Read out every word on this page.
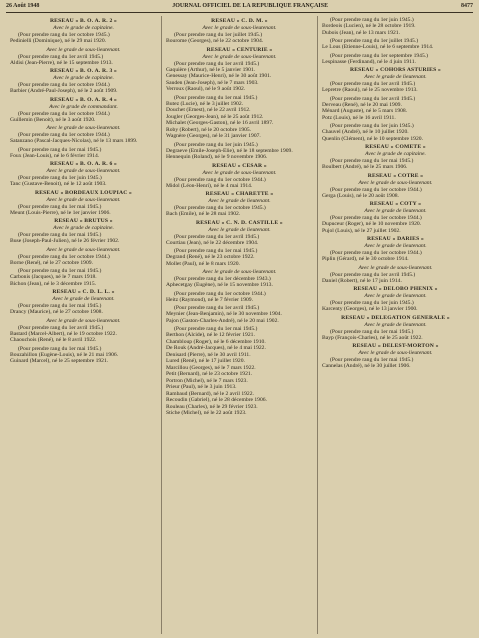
26 Août 1948	JOURNAL OFFICIEL DE LA REPUBLIQUE FRANÇAISE	8477

RESEAU « B. O. A. R. 2 »

Avec le grade de capitaine.

(Pour prendre rang du 1er octobre 1945.)

Pedinielli (Dominique), né le 29 mai 1920.

Avec le grade de sous-lieutenant.

(Pour prendre rang du 1er avril 1945.)

Aldisi (Jean-Pierre), né le 15 septembre 1913.

RESEAU « B. O. A. R. 3 »

Avec le grade de capitaine.

(Pour prendre rang du 1er octobre 1944.)

Barbier (André-Paul-Joseph), né le 2 août 1909.

RESEAU « B. O. A. R. 4 »

Avec le grade de commandant.

(Pour prendre rang du 1er octobre 1944.)

Guillemin (Benoit), né le 3 août 1920.

Avec le grade de sous-lieutenant.

(Pour prendre rang du 1er octobre 1944.)

Satanzano (Pascal-Jacques-Nicolas), né le 13 mars 1899.

(Pour prendre rang du 1er mai 1945.)

Foux (Jean-Louis), né le 6 février 1914.

RESEAU « B. O. A. R. 6 »

Avec le grade de sous-lieutenant.

(Pour prendre rang du 1er juin 1945.)

Tanc (Gustave-Benoit), né le 12 août 1903.

RESEAU « BORDEAUX LOUPIAC »

Avec le grade de sous-lieutenant.

(Pour prendre rang du 1er mai 1945.)

Meunt (Louis-Pierre), né le 1er janvier 1906.

RESEAU « BRUTUS »

Avec le grade de capitaine.

(Pour prendre rang du 1er mai 1945.)

Buse (Joseph-Paul-Julien), né le 26 février 1902.

Avec le grade de sous-lieutenant.

(Pour prendre rang du 1er octobre 1944.)

Borne (René), né le 27 octobre 1909.

(Pour prendre rang du 1er mai 1945.)

Carbonis (Jacques), né le 7 mars 1918.

Bichon (Jean), né le 3 décembre 1915.

RESEAU « C. D. L. L. »

Avec le grade de lieutenant.

(Pour prendre rang du 1er mai 1945.)

Drancy (Maurice), né le 27 octobre 1908.

Avec le grade de sous-lieutenant.

(Pour prendre rang du 1er avril 1945.)

Bastard (Marcel-Albert), né le 19 octobre 1922.

Chaouchois (René), né le 8 avril 1922.

(Pour prendre rang du 1er mai 1945.)

Bouzahillon (Eugène-Louis), né le 21 mai 1906.

Guinard (Marcel), né le 25 septembre 1921.

RESEAU « C. D. M. »

Avec le grade de sous-lieutenant.

(Pour prendre rang du 1er juillet 1945.)

Bourome (Georges), né le 22 octobre 1904.

RESEAU « CENTURIE »

Avec le grade de sous-lieutenant.

(Pour prendre rang du 1er avril 1945.)

Gaquière (Arthur), né le 5 janvier 1901.

Genessay (Maurice-Henri), né le 30 août 1901.

Sauden (Jean-Joseph), né le 7 mars 1903.

Verroux (Raoul), né le 9 août 1902.

(Pour prendre rang du 1er mai 1945.)

Butez (Lucie), né le 3 juillet 1902.

Douchet (Ernest), né le 22 avril 1912.

Jougler (Georges-Jean), né le 25 août 1912.

Michalet (Georges-Gaston), né le 16 avril 1897.

Roby (Robert), né le 20 octobre 1905.

Wagnère (Georges), né le 31 janvier 1907.

(Pour prendre rang du 1er juin 1945.)

Degraeve (Emile-Joseph-Elie), né le 18 septembre 1909.

Hennequin (Roland), né le 9 novembre 1906.

RESEAU « CESAR »

Avec le grade de sous-lieutenant.

(Pour prendre rang du 1er octobre 1944.)

Midol (Léon-Henri), né le 4 mai 1914.

RESEAU « CHARETTE »

Avec le grade de lieutenant.

(Pour prendre rang du 1er octobre 1945.)

Bach (Emile), né le 28 mai 1902.

RESEAU « C. N. D. CASTILLE »

Avec le grade de lieutenant.

(Pour prendre rang du 1er avril 1945.)

Courtiau (Jean), né le 22 décembre 1904.

(Pour prendre rang du 1er mai 1945.)

Degrand (René), né le 23 octobre 1922.

Mollet (Paul), né le 8 mars 1920.

Avec le grade de sous-lieutenant.

(Pour prendre rang du 1er décembre 1943.)

Aphecetgay (Eugène), né le 15 novembre 1913.

(Pour prendre rang du 1er octobre 1944.)

Heitz (Raymond), né le 7 février 1909.

(Pour prendre rang du 1er avril 1945.)

Meynier (Jean-Benjamin), né le 30 novembre 1904.

Pajon (Gaston-Charles-André), né le 20 mai 1902.

(Pour prendre rang du 1er mai 1945.)

Berthon (Alcide), né le 12 février 1921.

Chambloup (Roger), né le 6 décembre 1910.

De Rouk (André-Jacques), né le 4 mai 1922.

Denisard (Pierre), né le 30 avril 1911.

Lured (René), né le 17 juillet 1920.

Marcillou (Georges), né le 7 mars 1922.

Petit (Bernard), né le 23 octobre 1921.

Portron (Michel), né le 7 mars 1923.

Prieur (Paul), né le 3 juin 1913.

Rambaud (Bernard), né le 2 avril 1922.

Recoudin (Gabriel), né le 28 décembre 1906.

Rouleau (Charles), né le 29 février 1923.

Stiche (Michel), né le 22 août 1923.

(Pour prendre rang du 1er juin 1945.)

Bordeois (Lucien), né le 28 octobre 1919.

Dubois (Jean), né le 13 mars 1921.

(Pour prendre rang du 1er juillet 1945.)

Le Lous (Etienne-Louis), né le 6 septembre 1914.

(Pour prendre rang du 1er septembre 1945.)

Lespinasse (Ferdinand), né le 4 juin 1911.

RESEAU « COHORS ASTURIES »

Avec le grade de lieutenant.

(Pour prendre rang du 1er avril 1945.)

Lepretre (Raoul), né le 25 novembre 1913.

(Pour prendre rang du 1er avril 1945.)

Derveau (René), né le 20 mai 1909.

Ménard (Auguste), né le 5 mars 1908.

Potz (Louis), né le 16 avril 1911.

(Pour prendre rang du 1er juin 1945.)

Chauvel (André), né le 10 juillet 1920.

Quenlin (Clément), né le 10 septembre 1920.

RESEAU « COMETE »

Avec le grade de capitaine.

(Pour prendre rang du 1er mai 1945.)

Boulbert (André), né le 25 mars 1906.

RESEAU « COTRE »

Avec le grade de sous-lieutenant.

(Pour prendre rang du 1er octobre 1944.)

Gerga (Louis), né le 20 août 1908.

RESEAU « COTY »

Avec le grade de lieutenant.

(Pour prendre rang du 1er octobre 1944.)

Dupuceur (Roger), né le 10 novembre 1920.

Pujol (Louis), né le 27 juillet 1902.

RESEAU « DARIES »

Avec le grade de lieutenant.

(Pour prendre rang du 1er octobre 1944.)

Piplin (Gérard), né le 30 octobre 1914.

Avec le grade de sous-lieutenant.

(Pour prendre rang du 1er avril 1945.)

Daniel (Robert), né le 17 juin 1914.

RESEAU « DELOBO PHENIX »

Avec le grade de lieutenant.

(Pour prendre rang du 1er juin 1945.)

Karcenty (Georges), né le 13 janvier 1900.

RESEAU « DELEGATION GENERALE »

Avec le grade de lieutenant.

(Pour prendre rang du 1er mai 1945.)

Bayp (François-Charles), né le 25 août 1922.

RESEAU « DELEST-MORTON »

Avec le grade de sous-lieutenant.

(Pour prendre rang du 1er mai 1945.)

Cannelas (André), né le 30 juillet 1906.
